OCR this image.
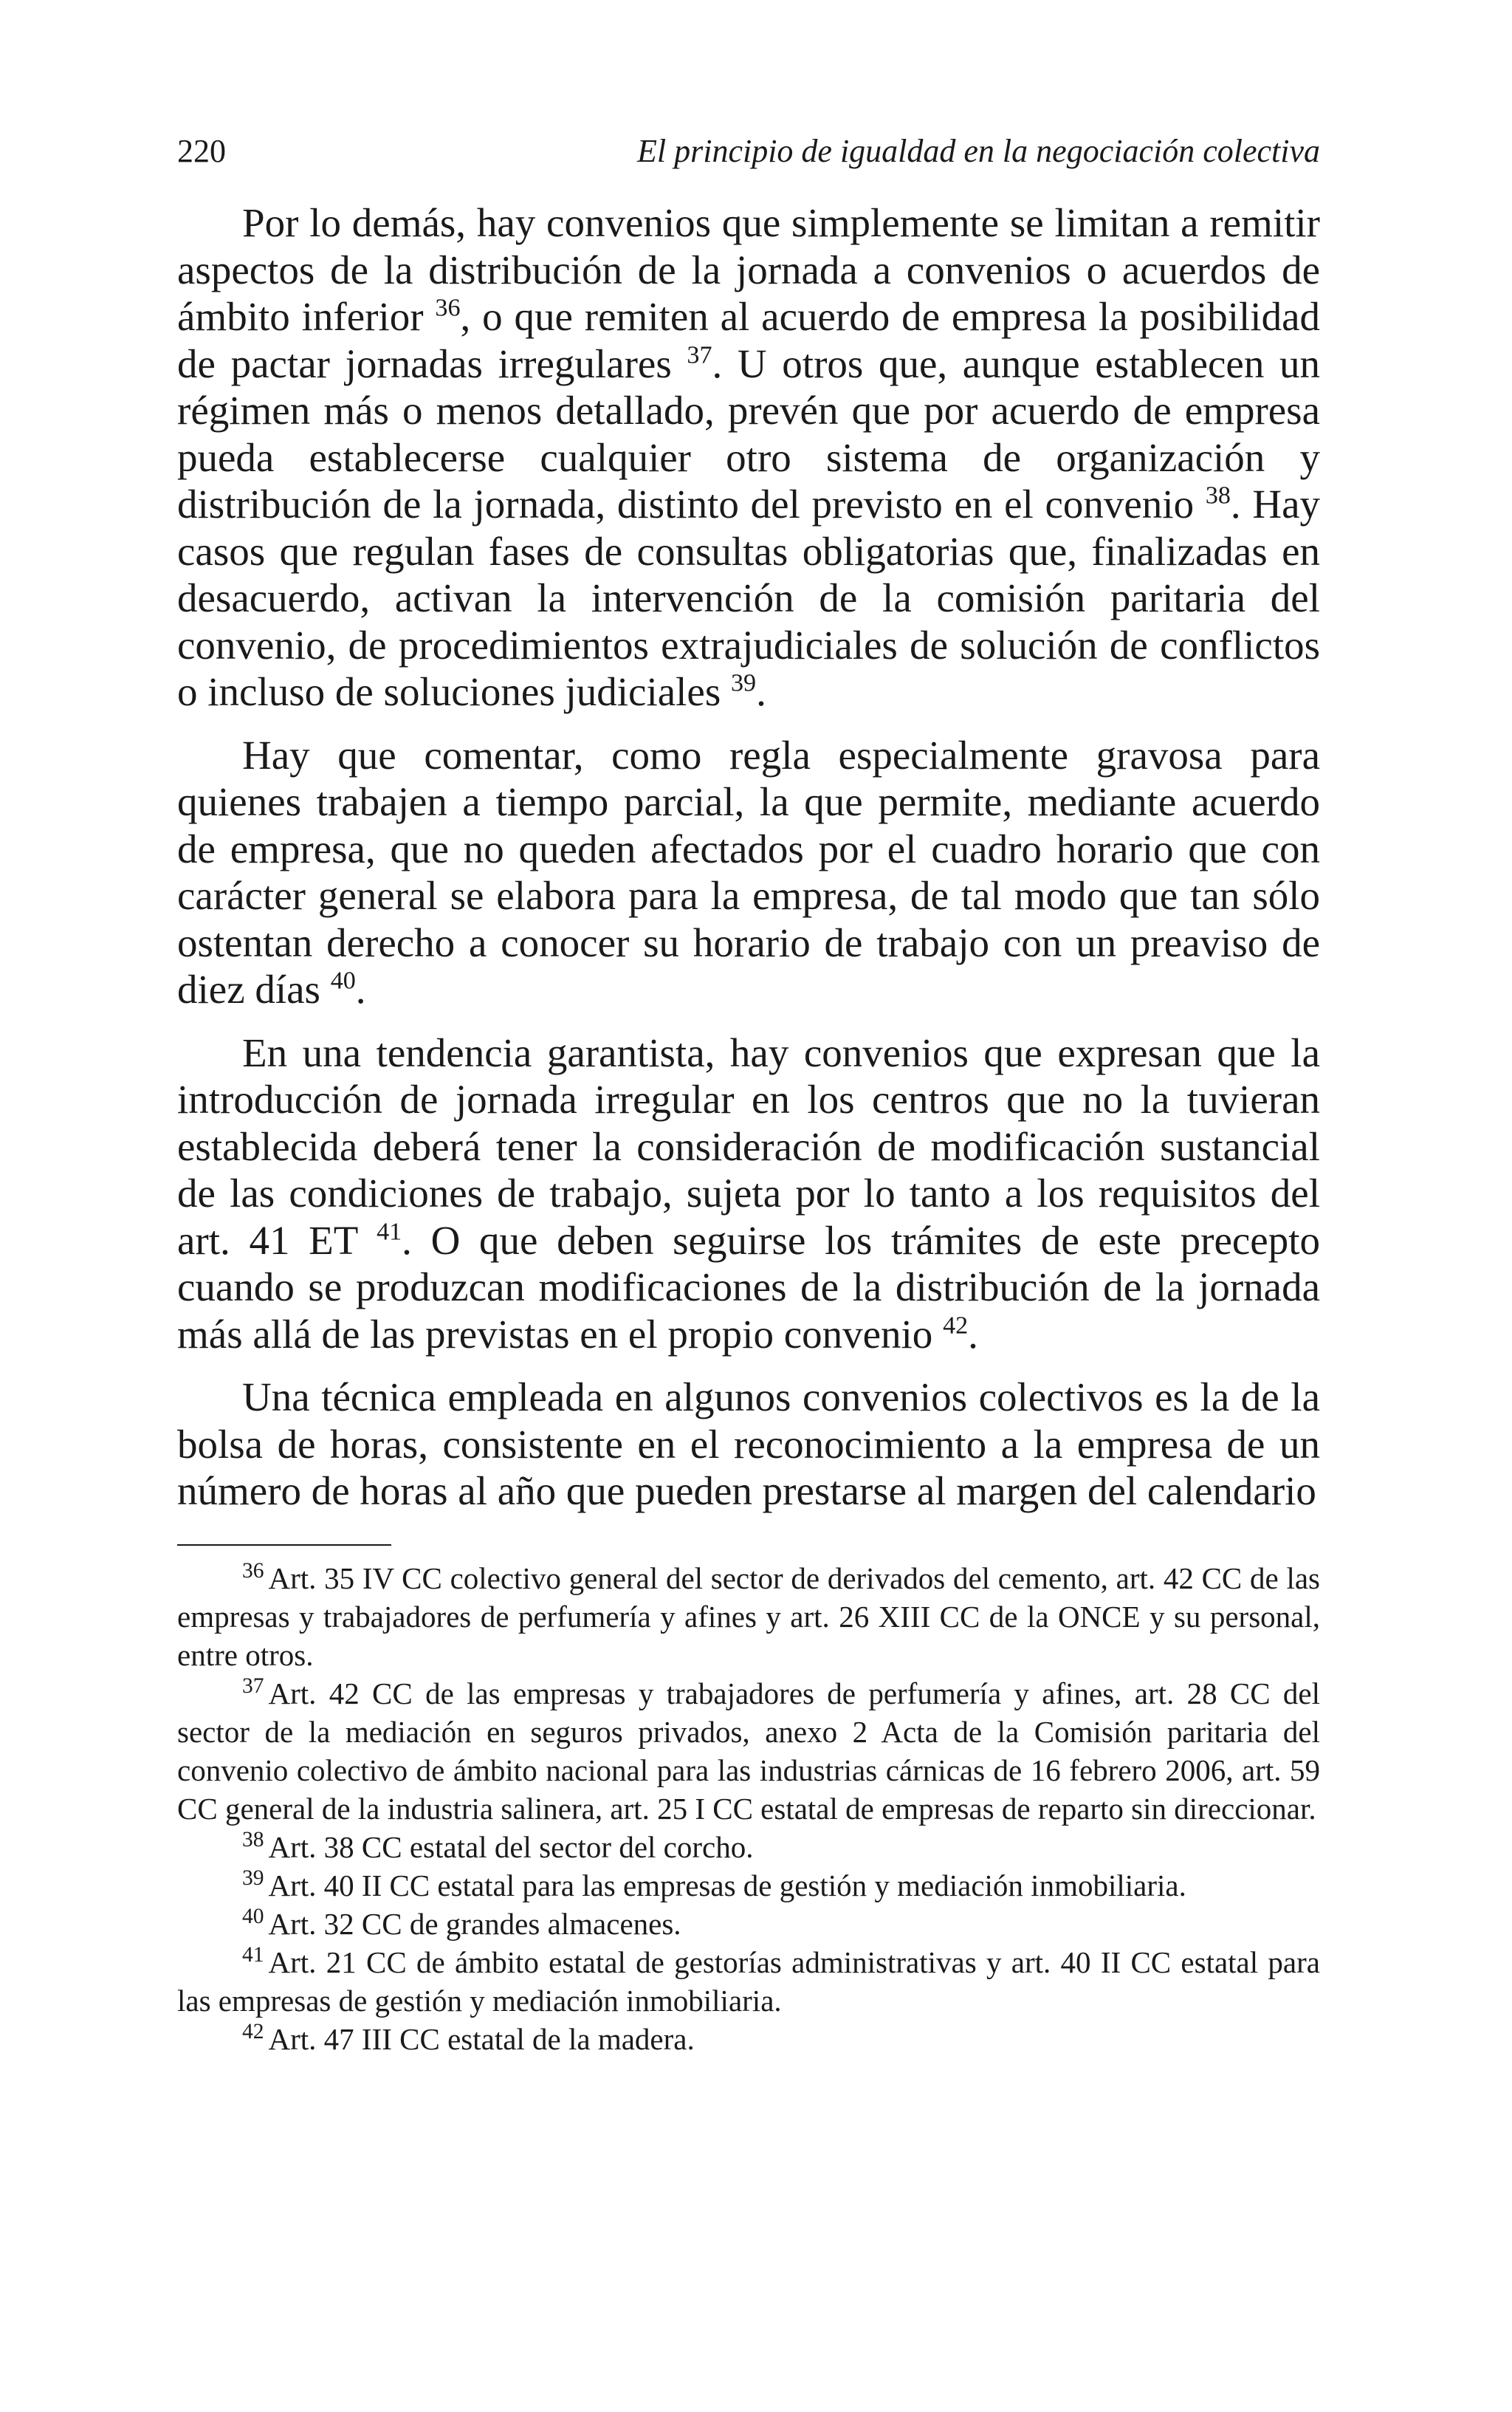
220	El principio de igualdad en la negociación colectiva

Por lo demás, hay convenios que simplemente se limitan a remitir aspectos de la distribución de la jornada a convenios o acuerdos de ámbito inferior $^{36}$, o que remiten al acuerdo de empresa la posibilidad de pactar jornadas irregulares $^{37}$. U otros que, aunque establecen un régimen más o menos detallado, prevén que por acuerdo de empresa pueda establecerse cualquier otro sistema de organización y distribución de la jornada, distinto del previsto en el convenio $^{38}$. Hay casos que regulan fases de consultas obligatorias que, finalizadas en desacuerdo, activan la intervención de la comisión paritaria del convenio, de procedimientos extrajudiciales de solución de conflictos o incluso de soluciones judiciales $^{39}$.

Hay que comentar, como regla especialmente gravosa para quienes trabajen a tiempo parcial, la que permite, mediante acuerdo de empresa, que no queden afectados por el cuadro horario que con carácter general se elabora para la empresa, de tal modo que tan sólo ostentan derecho a conocer su horario de trabajo con un preaviso de diez días $^{40}$.

En una tendencia garantista, hay convenios que expresan que la introducción de jornada irregular en los centros que no la tuvieran establecida deberá tener la consideración de modificación sustancial de las condiciones de trabajo, sujeta por lo tanto a los requisitos del art. 41 ET $^{41}$. O que deben seguirse los trámites de este precepto cuando se produzcan modificaciones de la distribución de la jornada más allá de las previstas en el propio convenio $^{42}$.

Una técnica empleada en algunos convenios colectivos es la de la bolsa de horas, consistente en el reconocimiento a la empresa de un número de horas al año que pueden prestarse al margen del calendario

$^{36}$ Art. 35 IV CC colectivo general del sector de derivados del cemento, art. 42 CC de las empresas y trabajadores de perfumería y afines y art. 26 XIII CC de la ONCE y su personal, entre otros.

$^{37}$ Art. 42 CC de las empresas y trabajadores de perfumería y afines, art. 28 CC del sector de la mediación en seguros privados, anexo 2 Acta de la Comisión paritaria del convenio colectivo de ámbito nacional para las industrias cárnicas de 16 febrero 2006, art. 59 CC general de la industria salinera, art. 25 I CC estatal de empresas de reparto sin direccionar.

$^{38}$ Art. 38 CC estatal del sector del corcho.

$^{39}$ Art. 40 II CC estatal para las empresas de gestión y mediación inmobiliaria.

$^{40}$ Art. 32 CC de grandes almacenes.

$^{41}$ Art. 21 CC de ámbito estatal de gestorías administrativas y art. 40 II CC estatal para las empresas de gestión y mediación inmobiliaria.

$^{42}$ Art. 47 III CC estatal de la madera.
